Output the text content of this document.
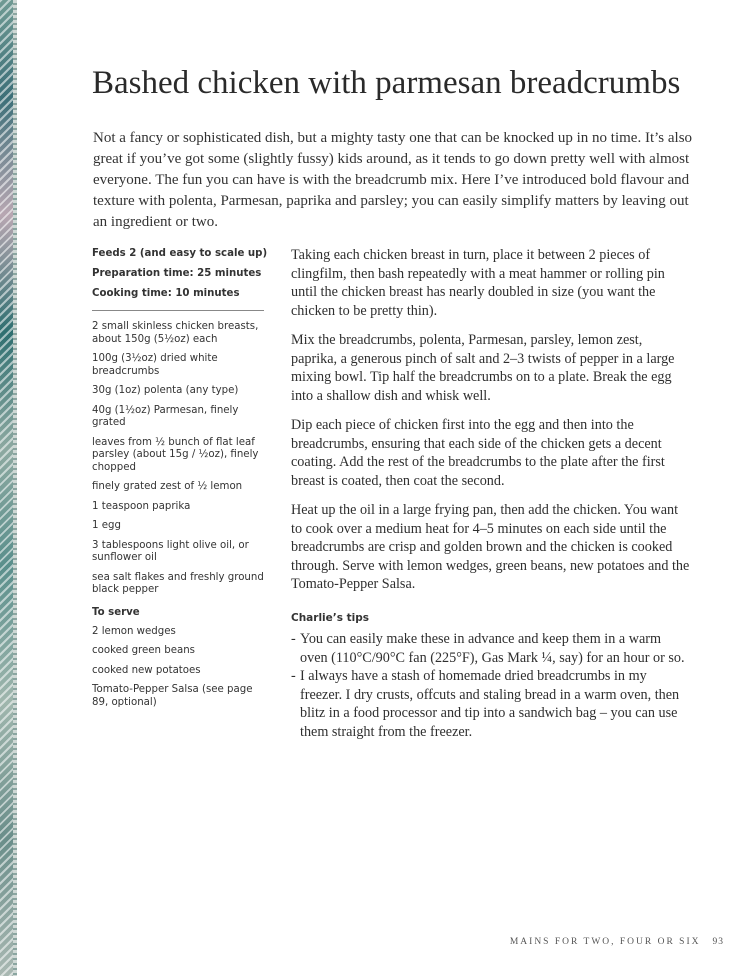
Bashed chicken with parmesan breadcrumbs

Not a fancy or sophisticated dish, but a mighty tasty one that can be knocked up in no time. It’s also great if you’ve got some (slightly fussy) kids around, as it tends to go down pretty well with almost everyone. The fun you can have is with the breadcrumb mix. Here I’ve introduced bold flavour and texture with polenta, Parmesan, paprika and parsley; you can easily simplify matters by leaving out an ingredient or two.

Feeds 2 (and easy to scale up)
Preparation time: 25 minutes
Cooking time: 10 minutes
2 small skinless chicken breasts, about 150g (5½oz) each
100g (3½oz) dried white breadcrumbs
30g (1oz) polenta (any type)
40g (1½oz) Parmesan, finely grated
leaves from ½ bunch of flat leaf parsley (about 15g / ½oz), finely chopped
finely grated zest of ½ lemon
1 teaspoon paprika
1 egg
3 tablespoons light olive oil, or sunflower oil
sea salt flakes and freshly ground black pepper
To serve
2 lemon wedges
cooked green beans
cooked new potatoes
Tomato-Pepper Salsa (see page 89, optional)

Taking each chicken breast in turn, place it between 2 pieces of clingfilm, then bash repeatedly with a meat hammer or rolling pin until the chicken breast has nearly doubled in size (you want the chicken to be pretty thin).

Mix the breadcrumbs, polenta, Parmesan, parsley, lemon zest, paprika, a generous pinch of salt and 2–3 twists of pepper in a large mixing bowl. Tip half the breadcrumbs on to a plate. Break the egg into a shallow dish and whisk well.

Dip each piece of chicken first into the egg and then into the breadcrumbs, ensuring that each side of the chicken gets a decent coating. Add the rest of the breadcrumbs to the plate after the first breast is coated, then coat the second.

Heat up the oil in a large frying pan, then add the chicken. You want to cook over a medium heat for 4–5 minutes on each side until the breadcrumbs are crisp and golden brown and the chicken is cooked through. Serve with lemon wedges, green beans, new potatoes and the Tomato-Pepper Salsa.

Charlie’s tips
- You can easily make these in advance and keep them in a warm oven (110°C/90°C fan (225°F), Gas Mark ¼, say) for an hour or so.
- I always have a stash of homemade dried breadcrumbs in my freezer. I dry crusts, offcuts and staling bread in a warm oven, then blitz in a food processor and tip into a sandwich bag – you can use them straight from the freezer.
MAINS FOR TWO, FOUR OR SIX 93
